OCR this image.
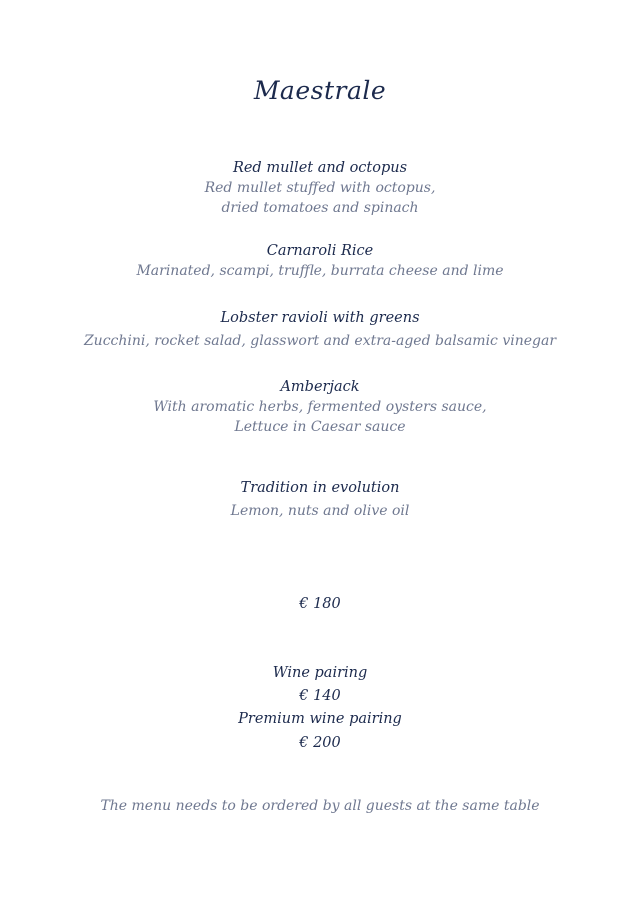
Maestrale
Red mullet and octopus
Red mullet stuffed with octopus,
dried tomatoes and spinach
Carnaroli Rice
Marinated, scampi, truffle, burrata cheese and lime
Lobster ravioli with greens
Zucchini, rocket salad, glasswort and extra-aged balsamic vinegar
Amberjack
With aromatic herbs, fermented oysters sauce,
Lettuce in Caesar sauce
Tradition in evolution
Lemon, nuts and olive oil
€ 180
Wine pairing
€ 140
Premium wine pairing
€ 200
The menu needs to be ordered by all guests at the same table
